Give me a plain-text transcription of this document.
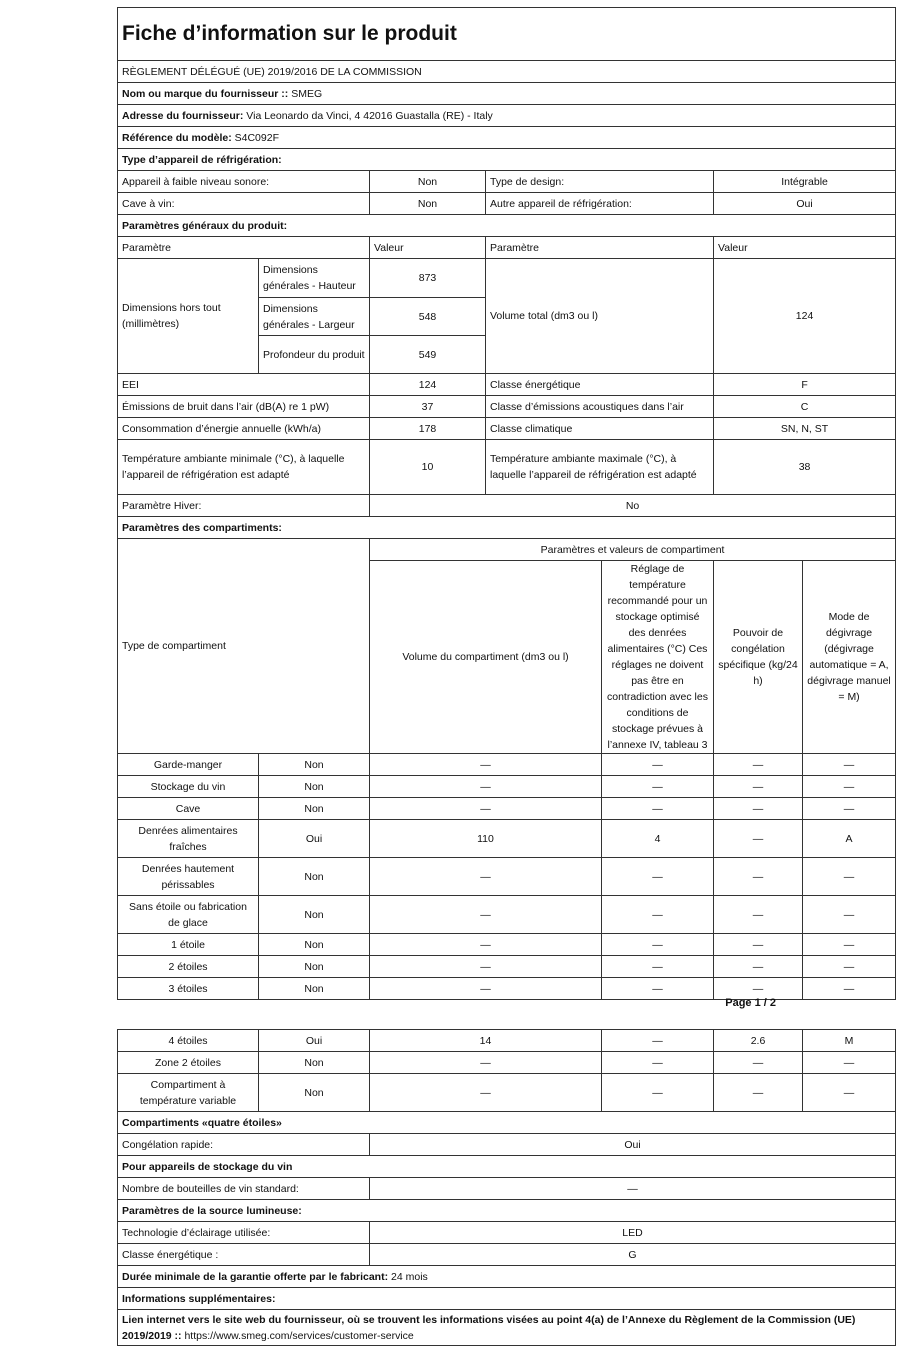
Fiche d’information sur le produit						
RÈGLEMENT DÉLÉGUÉ (UE) 2019/2016 DE LA COMMISSION						
Nom ou marque du fournisseur :: SMEG						
Adresse du fournisseur: Via Leonardo da Vinci, 4 42016 Guastalla (RE) - Italy						
Référence du modèle: S4C092F						
Type d’appareil de réfrigération:						
Appareil à faible niveau sonore:		Non	Type de design:		Intégrable	
Cave à vin:		Non	Autre appareil de réfrigération:		Oui	
Paramètres généraux du produit:						
Paramètre		Valeur	Paramètre		Valeur	
Dimensions hors tout (millimètres)	Dimensions générales - Hauteur	873	Volume total (dm3 ou l)		124	
	Dimensions générales - Largeur	548				
	Profondeur du produit	549				
EEI		124	Classe énergétique		F	
Émissions de bruit dans l’air (dB(A) re 1 pW)		37	Classe d’émissions acoustiques dans l’air		C	
Consommation d’énergie annuelle (kWh/a)		178	Classe climatique		SN, N, ST	
Température ambiante minimale (°C), à laquelle l’appareil de réfrigération est adapté		10	Température ambiante maximale (°C), à laquelle l’appareil de réfrigération est adapté		38	
Paramètre Hiver:		No				
Paramètres des compartiments:						
Type de compartiment		Paramètres et valeurs de compartiment				
		Volume du compartiment (dm3 ou l)		Réglage de température recommandé pour un stockage optimisé des denrées alimentaires (°C) Ces réglages ne doivent pas être en contradiction avec les conditions de stockage prévues à l’annexe IV, tableau 3	Pouvoir de congélation spécifique (kg/24 h)	Mode de dégivrage (dégivrage automatique = A, dégivrage manuel = M)
Garde-manger	Non	—		—	—	—
Stockage du vin	Non	—		—	—	—
Cave	Non	—		—	—	—
Denrées alimentaires fraîches	Oui	110		4	—	A
Denrées hautement périssables	Non	—		—	—	—
Sans étoile ou fabrication de glace	Non	—		—	—	—
1 étoile	Non	—		—	—	—
2 étoiles	Non	—		—	—	—
3 étoiles	Non	—		—	—	—
Page 1 / 2
4 étoiles	Oui	14	—	2.6	M
Zone 2 étoiles	Non	—	—	—	—
Compartiment à température variable	Non	—	—	—	—
Compartiments «quatre étoiles»					
Congélation rapide:		Oui			
Pour appareils de stockage du vin					
Nombre de bouteilles de vin standard:		—			
Paramètres de la source lumineuse:					
Technologie d’éclairage utilisée:		LED			
Classe énergétique :		G			
Durée minimale de la garantie offerte par le fabricant: 24 mois					
Informations supplémentaires:					
Lien internet vers le site web du fournisseur, où se trouvent les informations visées au point 4(a) de l’Annexe du Règlement de la Commission (UE) 2019/2019 :: https://www.smeg.com/services/customer-service					
